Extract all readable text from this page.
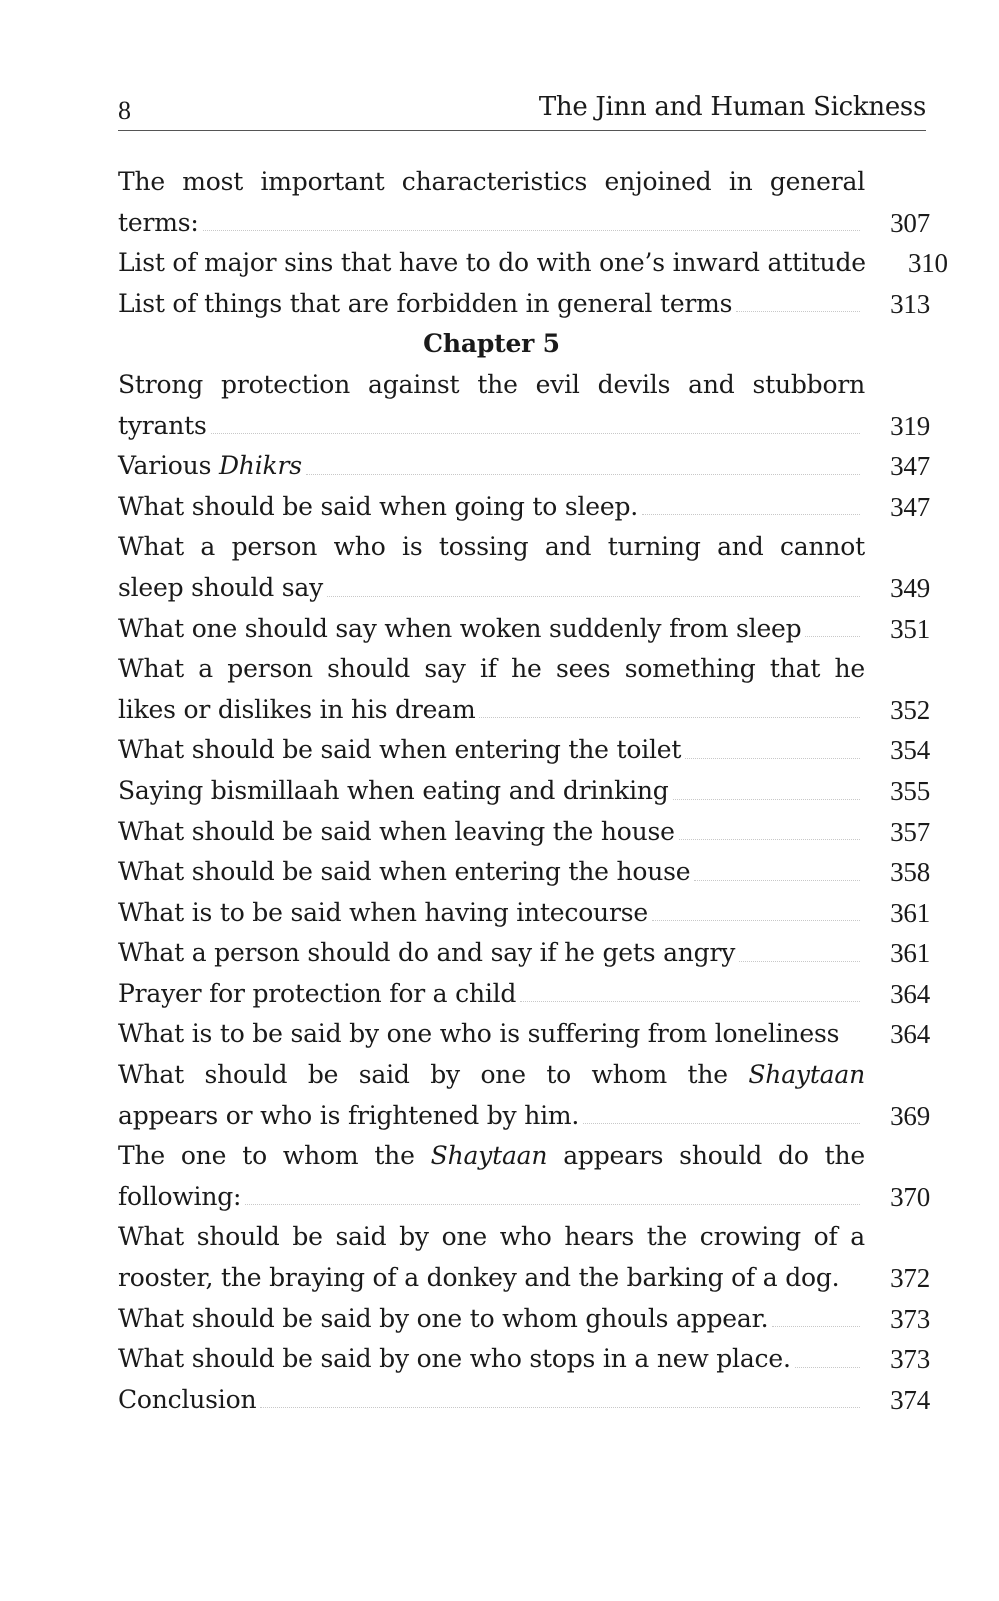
8	The Jinn and Human Sickness
The most important characteristics enjoined in general
terms:	307
List of major sins that have to do with one’s inward attitude	310
List of things that are forbidden in general terms	313
Chapter 5
Strong protection against the evil devils and stubborn
tyrants	319
Various Dhikrs	347
What should be said when going to sleep.	347
What a person who is tossing and turning and cannot
sleep should say	349
What one should say when woken suddenly from sleep	351
What a person should say if he sees something that he
likes or dislikes in his dream	352
What should be said when entering the toilet	354
Saying bismillaah when eating and drinking	355
What should be said when leaving the house	357
What should be said when entering the house	358
What is to be said when having intecourse	361
What a person should do and say if he gets angry	361
Prayer for protection for a child	364
What is to be said by one who is suffering from loneliness	364
What should be said by one to whom the Shaytaan
appears or who is frightened by him.	369
The one to whom the Shaytaan appears should do the
following:	370
What should be said by one who hears the crowing of a
rooster, the braying of a donkey and the barking of a dog.	372
What should be said by one to whom ghouls appear.	373
What should be said by one who stops in a new place.	373
Conclusion	374
